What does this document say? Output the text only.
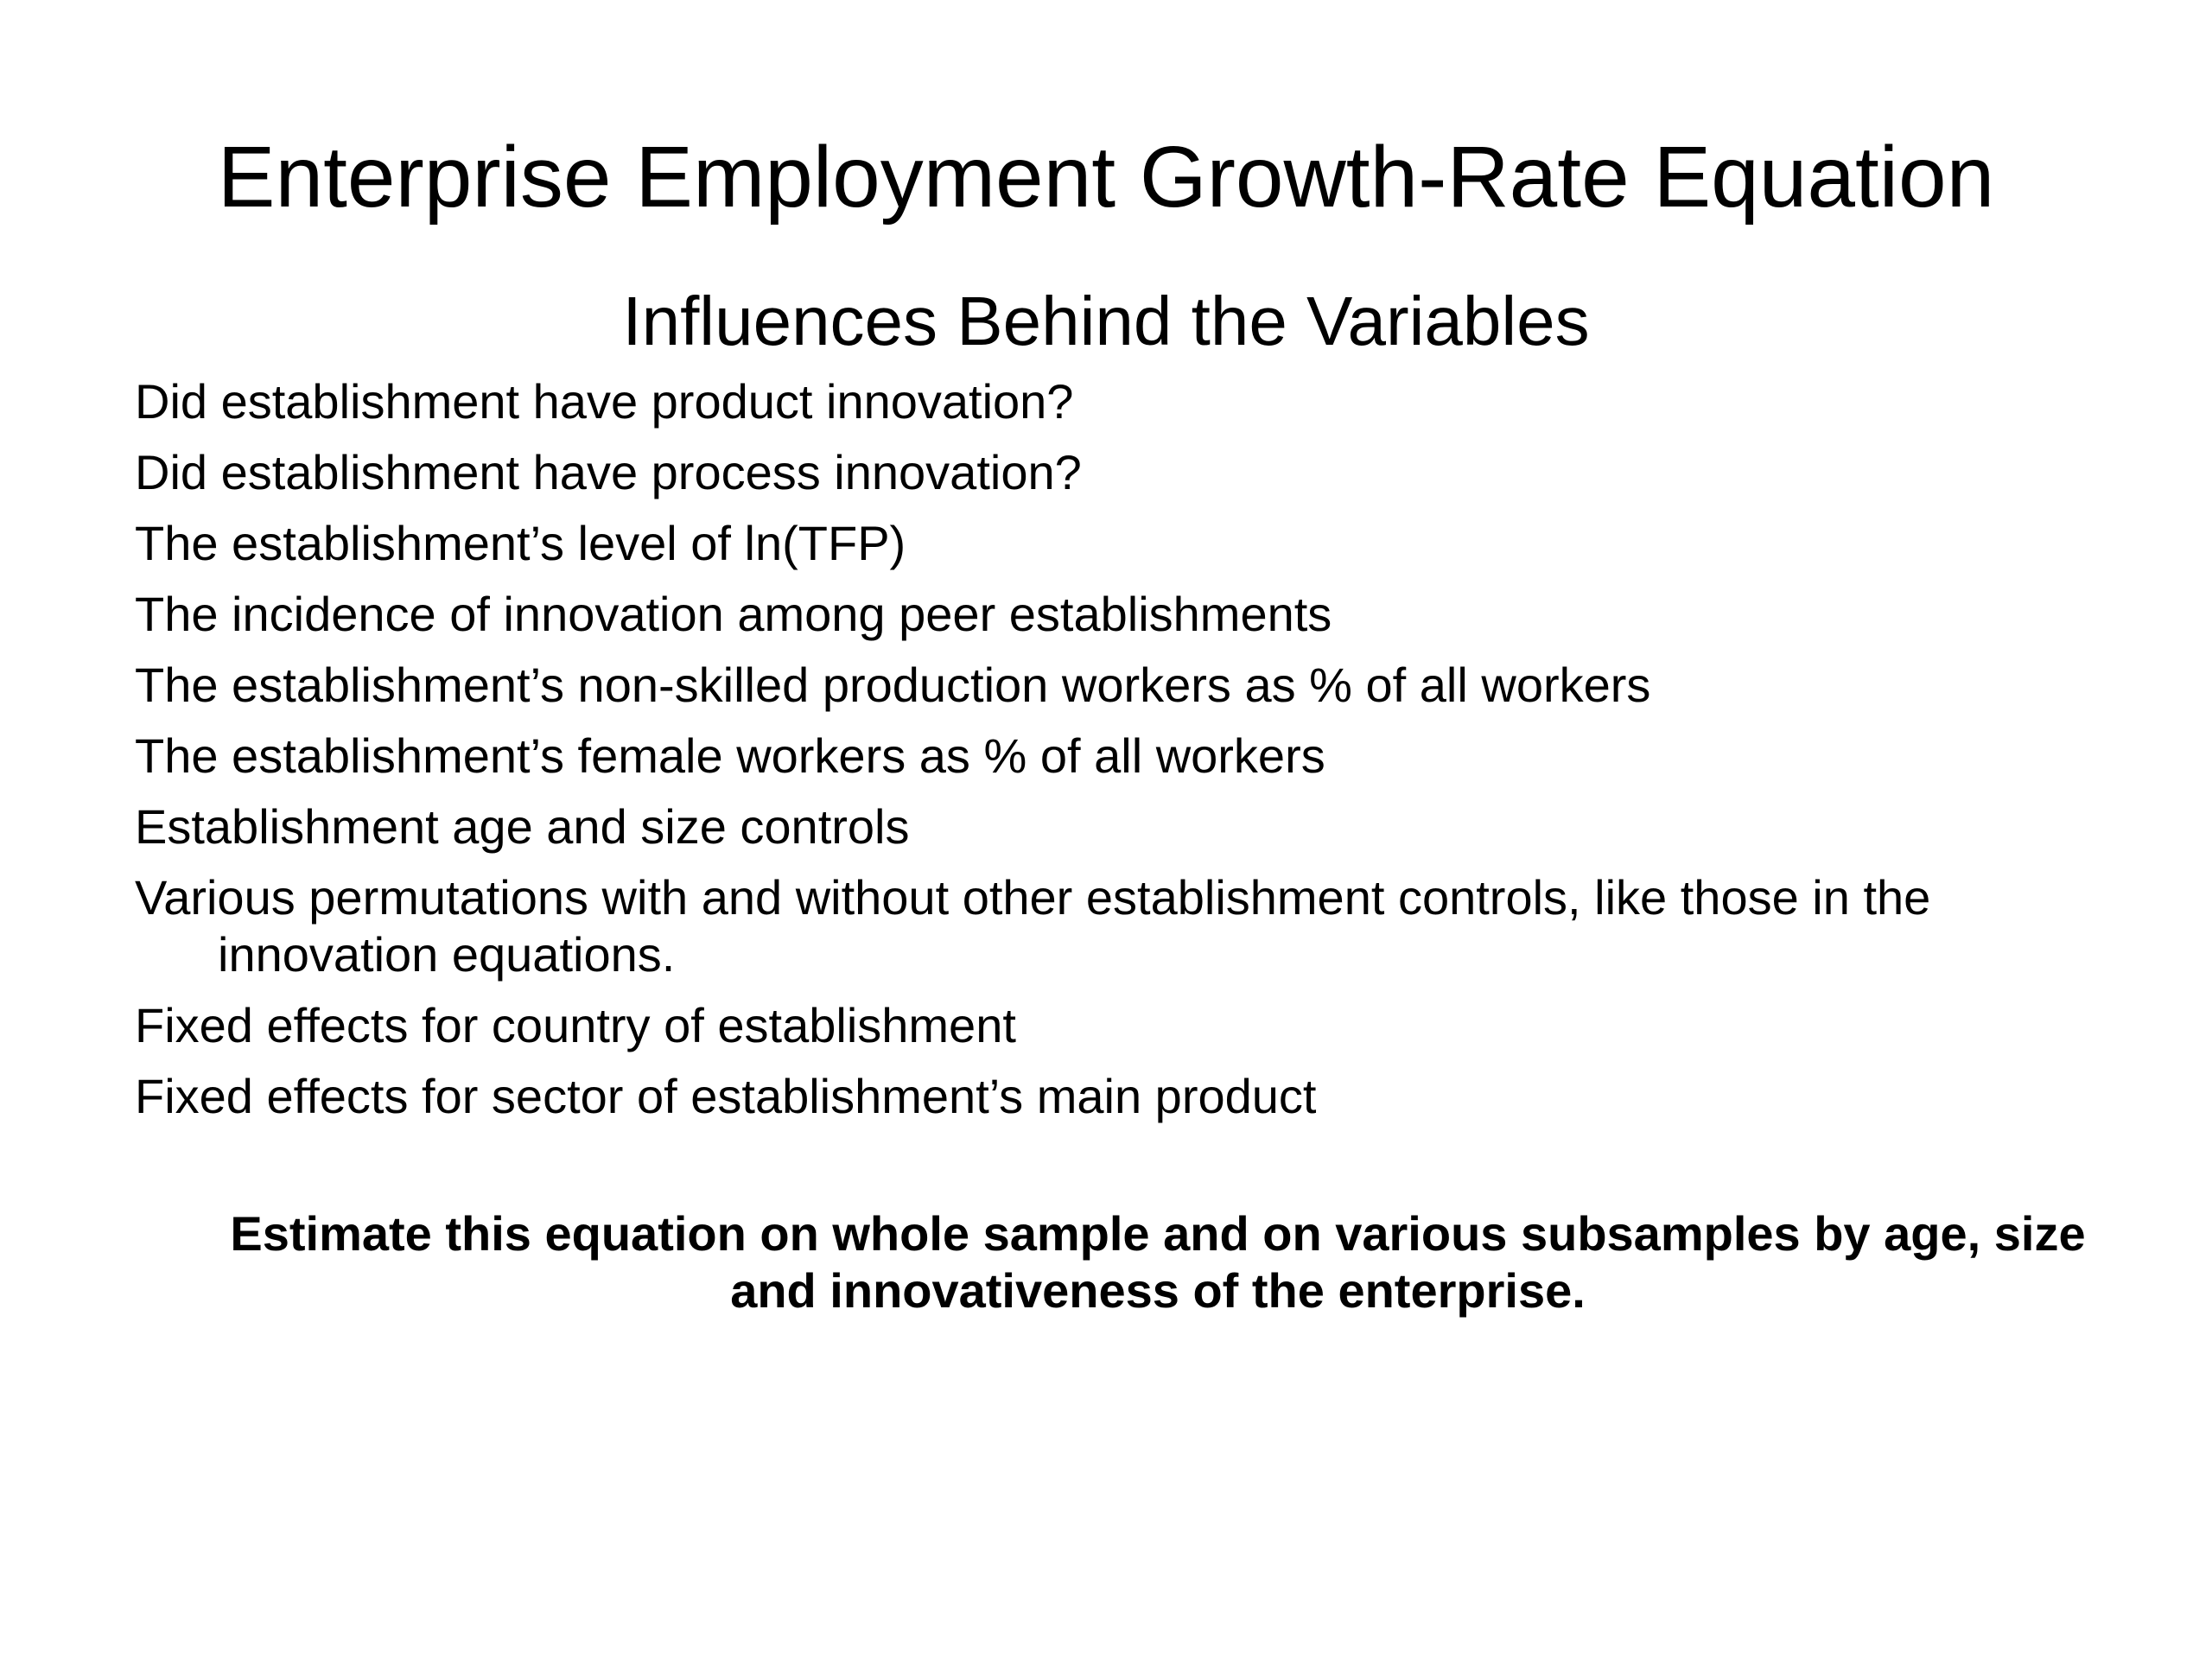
Enterprise Employment Growth-Rate Equation
Influences Behind the Variables
Did establishment have product innovation?
Did establishment have process innovation?
The establishment’s level of ln(TFP)
The incidence of innovation among peer establishments
The establishment’s non-skilled production workers as % of all workers
The establishment’s female workers as % of all workers
Establishment age and size controls
Various permutations with and without other establishment controls, like those in the innovation equations.
Fixed effects for country of establishment
Fixed effects for sector of establishment’s main product
Estimate this equation on whole sample and on various subsamples by age, size and innovativeness of the enterprise.
